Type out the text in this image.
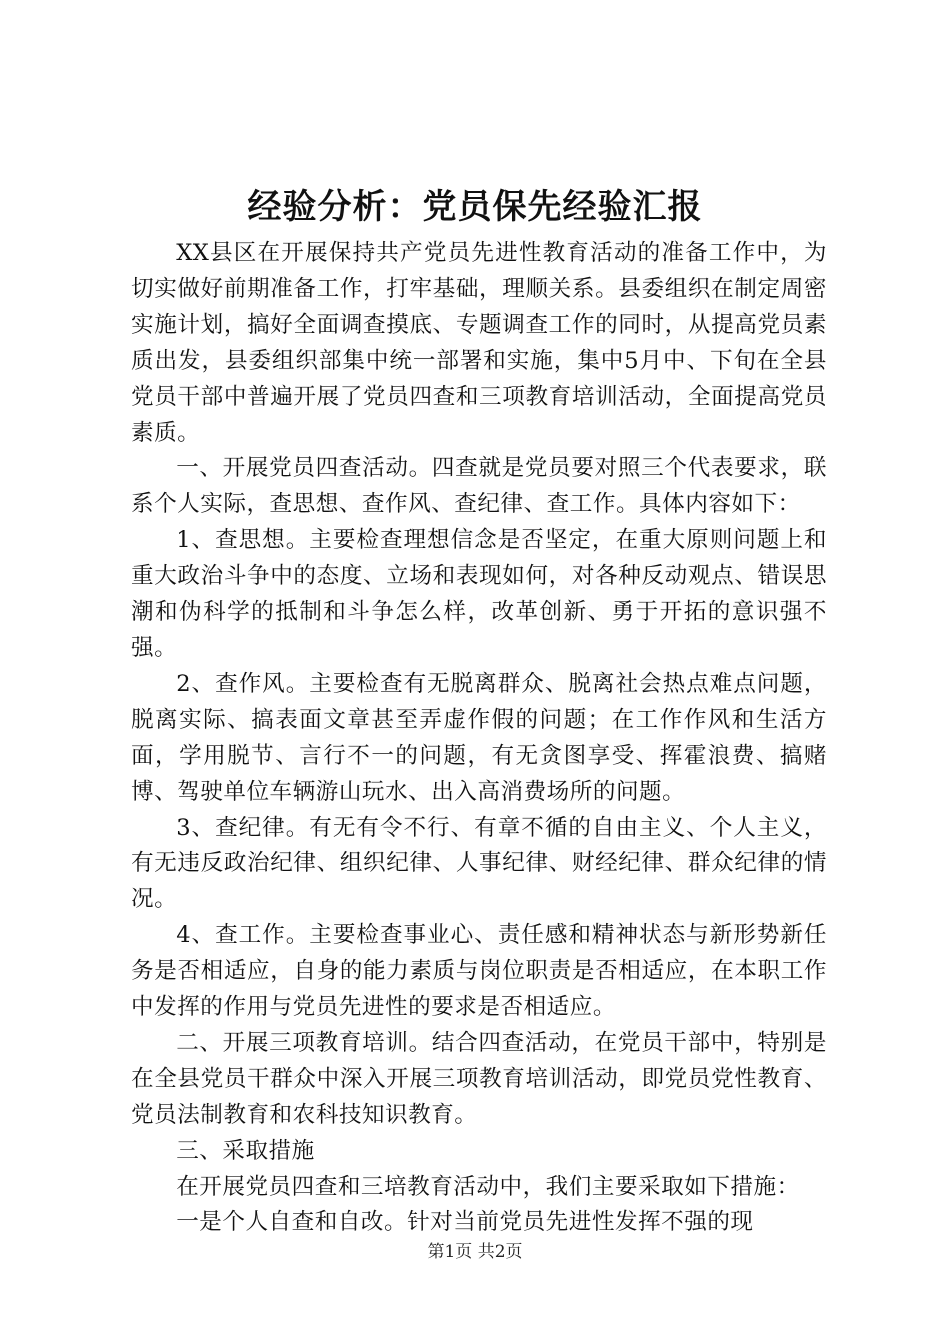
经验分析：党员保先经验汇报

XX县区在开展保持共产党员先进性教育活动的准备工作中，为切实做好前期准备工作，打牢基础，理顺关系。县委组织在制定周密实施计划，搞好全面调查摸底、专题调查工作的同时，从提高党员素质出发，县委组织部集中统一部署和实施，集中5月中、下旬在全县党员干部中普遍开展了党员四查和三项教育培训活动，全面提高党员素质。

一、开展党员四查活动。四查就是党员要对照三个代表要求，联系个人实际，查思想、查作风、查纪律、查工作。具体内容如下：

1、查思想。主要检查理想信念是否坚定，在重大原则问题上和重大政治斗争中的态度、立场和表现如何，对各种反动观点、错误思潮和伪科学的抵制和斗争怎么样，改革创新、勇于开拓的意识强不强。

2、查作风。主要检查有无脱离群众、脱离社会热点难点问题，脱离实际、搞表面文章甚至弄虚作假的问题；在工作作风和生活方面，学用脱节、言行不一的问题，有无贪图享受、挥霍浪费、搞赌博、驾驶单位车辆游山玩水、出入高消费场所的问题。

3、查纪律。有无有令不行、有章不循的自由主义、个人主义，有无违反政治纪律、组织纪律、人事纪律、财经纪律、群众纪律的情况。

4、查工作。主要检查事业心、责任感和精神状态与新形势新任务是否相适应，自身的能力素质与岗位职责是否相适应，在本职工作中发挥的作用与党员先进性的要求是否相适应。

二、开展三项教育培训。结合四查活动，在党员干部中，特别是在全县党员干群众中深入开展三项教育培训活动，即党员党性教育、党员法制教育和农科技知识教育。

三、采取措施

在开展党员四查和三培教育活动中，我们主要采取如下措施：

一是个人自查和自改。针对当前党员先进性发挥不强的现

第1页 共2页
